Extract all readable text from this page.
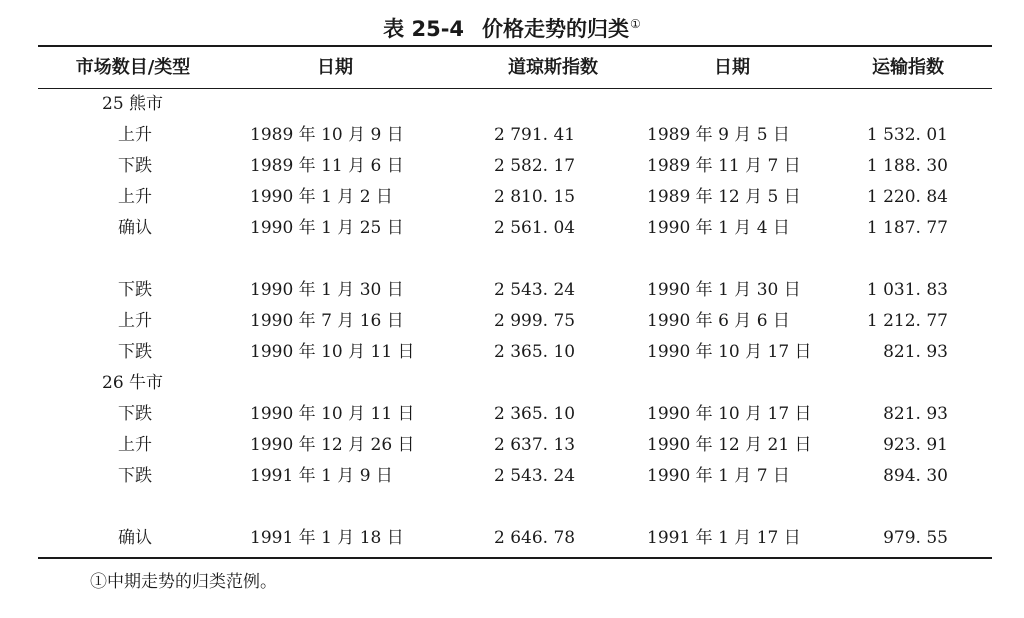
表 25-4 价格走势的归类①
市场数目/类型	日期	道琼斯指数	日期	运输指数
25 熊市
上升	1989 年 10 月 9 日	2 791. 41	1989 年 9 月 5 日	1 532. 01
下跌	1989 年 11 月 6 日	2 582. 17	1989 年 11 月 7 日	1 188. 30
上升	1990 年 1 月 2 日	2 810. 15	1989 年 12 月 5 日	1 220. 84
确认	1990 年 1 月 25 日	2 561. 04	1990 年 1 月 4 日	1 187. 77
下跌	1990 年 1 月 30 日	2 543. 24	1990 年 1 月 30 日	1 031. 83
上升	1990 年 7 月 16 日	2 999. 75	1990 年 6 月 6 日	1 212. 77
下跌	1990 年 10 月 11 日	2 365. 10	1990 年 10 月 17 日	821. 93
26 牛市
下跌	1990 年 10 月 11 日	2 365. 10	1990 年 10 月 17 日	821. 93
上升	1990 年 12 月 26 日	2 637. 13	1990 年 12 月 21 日	923. 91
下跌	1991 年 1 月 9 日	2 543. 24	1990 年 1 月 7 日	894. 30
确认	1991 年 1 月 18 日	2 646. 78	1991 年 1 月 17 日	979. 55
①中期走势的归类范例。
